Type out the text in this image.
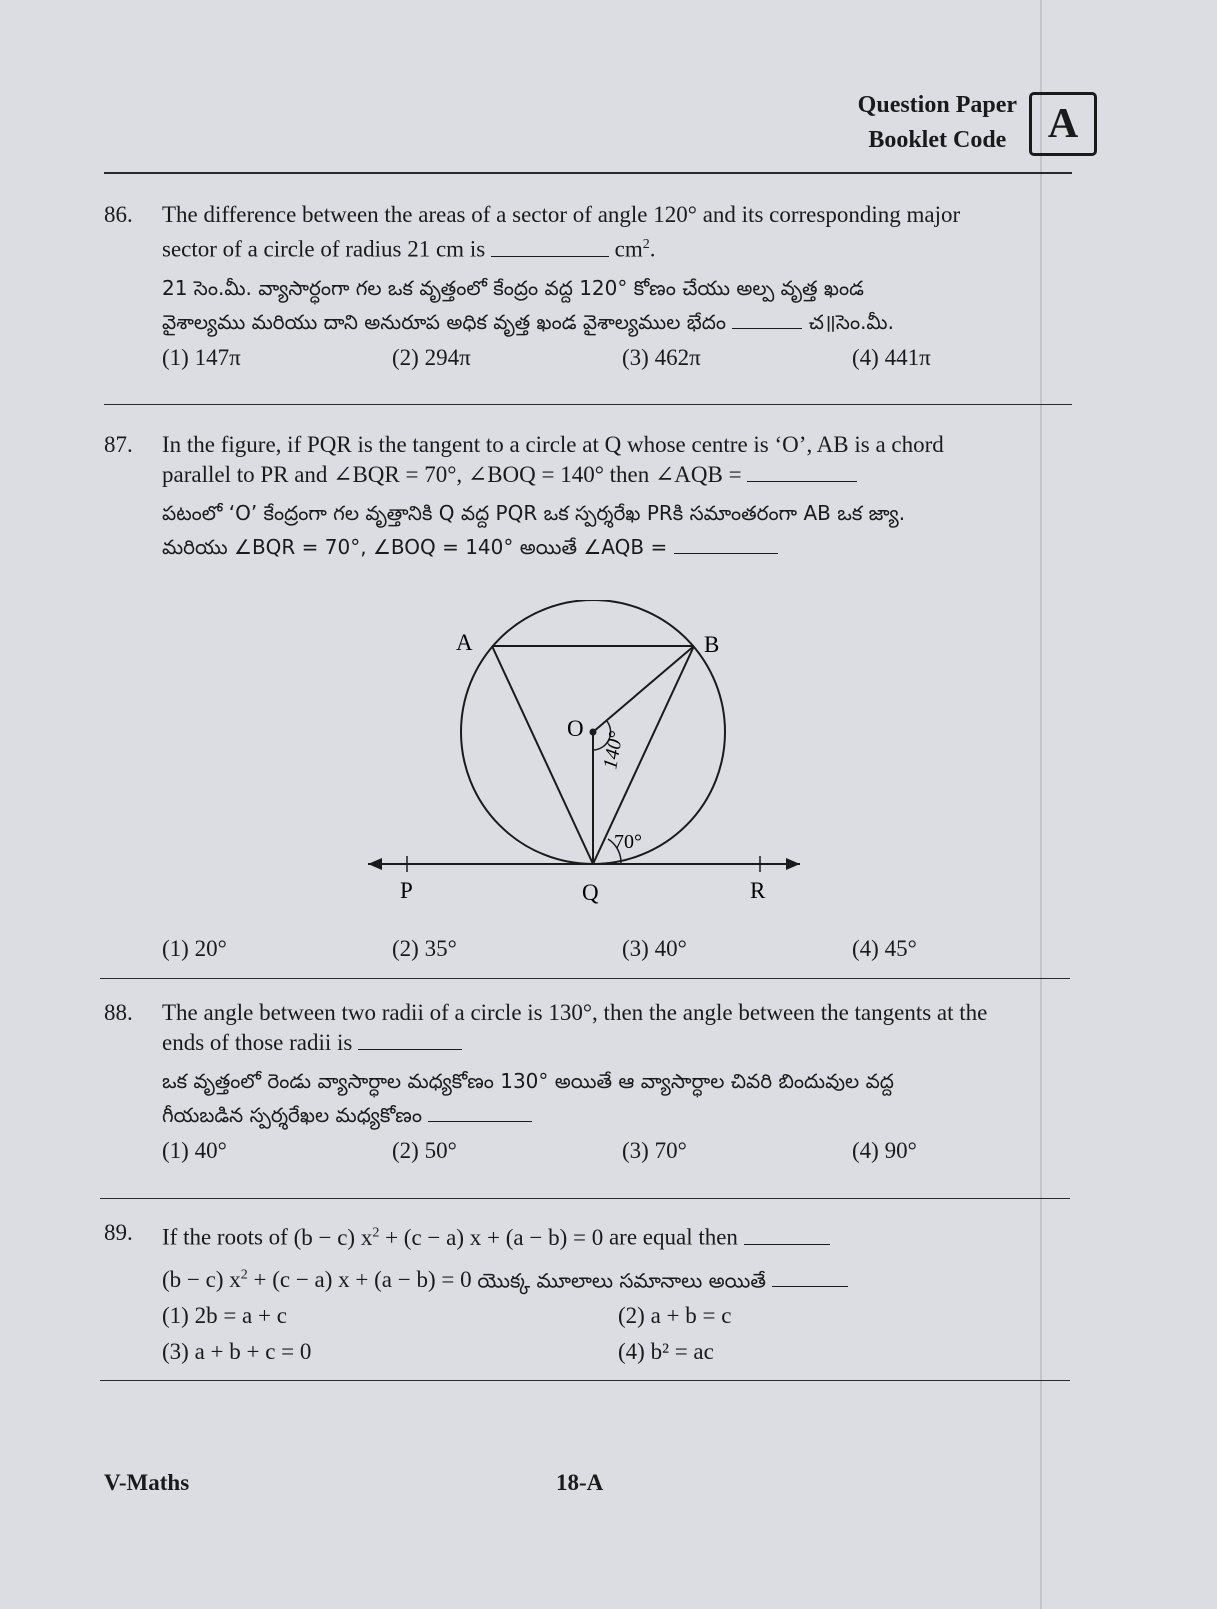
Question Paper
Booklet Code A
86.	The difference between the areas of a sector of angle 120° and its corresponding major
sector of a circle of radius 21 cm is	$cm^2$.
21 సెం.మీ. వ్యాసార్ధంగా గల ఒక వృత్తంలో కేంద్రం వద్ద 120° కోణం చేయు అల్ప వృత్త ఖండ
వైశాల్యము మరియు దాని అనురూప అధిక వృత్త ఖండ వైశాల్యముల భేదం	చ॥సెం.మీ.
(1) 147π	(2) 294π	(3) 462π	(4) 441π
87.	In the figure, if PQR is the tangent to a circle at Q whose centre is ‘O’, AB is a chord
parallel to PR and ∠BQR = 70°, ∠BOQ = 140° then ∠AQB =
పటంలో ‘O’ కేంద్రంగా గల వృత్తానికి Q వద్ద PQR ఒక స్పర్శరేఖ PRకి సమాంతరంగా AB ఒక జ్యా.
మరియు ∠BQR = 70°, ∠BOQ = 140° అయితే ∠AQB =
A	B
O
P	Q	R
140°
70°
(1) 20°	(2) 35°	(3) 40°	(4) 45°
88.	The angle between two radii of a circle is 130°, then the angle between the tangents at the
ends of those radii is
ఒక వృత్తంలో రెండు వ్యాసార్ధాల మధ్యకోణం 130° అయితే ఆ వ్యాసార్ధాల చివరి బిందువుల వద్ద
గీయబడిన స్పర్శరేఖల మధ్యకోణం
(1) 40°	(2) 50°	(3) 70°	(4) 90°
89.	If the roots of (b − c) $x^2 + (c - a) x + (a - b) = 0$ are equal then
(b − c) $x^2 + (c - a) x + (a - b) = 0$ యొక్క మూలాలు సమానాలు అయితే
(1) 2b = a + c	(2) a + b = c
(3) a + b + c = 0	(4) b² = ac
V-Maths	18-A
